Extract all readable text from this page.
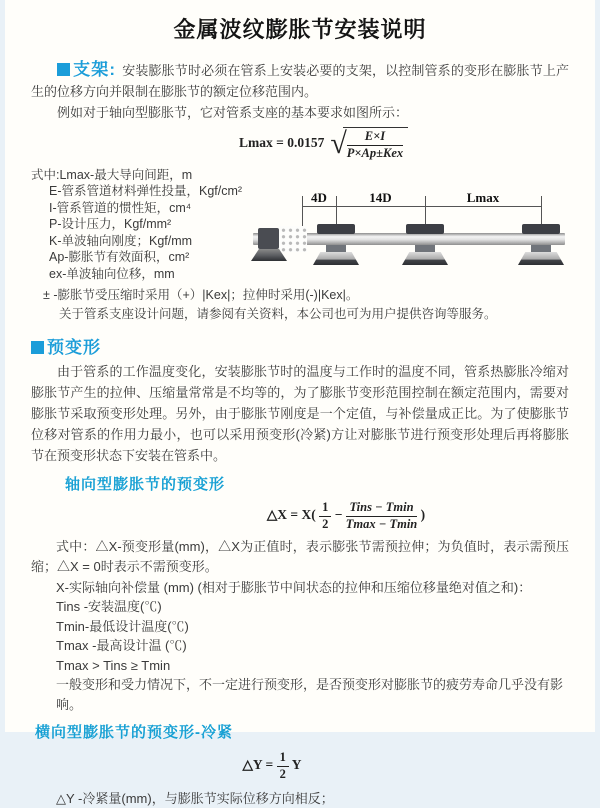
金属波纹膨胀节安装说明

支架: 安装膨胀节时必须在管系上安装必要的支架，以控制管系的变形在膨胀节上产生的位移方向并限制在膨胀节的额定位移范围内。

例如对于轴向型膨胀节，它对管系支座的基本要求如图所示：

Lmax = 0.0157 √ $\frac{E\times I}{\text{P×Ap±Kex}}$
式中:Lmax-最大导向间距，m
E-管系管道材料弹性投量，Kgf/cm²
I-管系管道的惯性矩，cm⁴
P-设计压力，Kgf/mm²
K-单波轴向刚度；Kgf/mm
Ap-膨胀节有效面积，cm²
ex-单波轴向位移，mm
± -膨胀节受压缩时采用（+）|Kex|；拉伸时采用(-)|Kex|。
关于管系支座设计问题，请参阅有关资料，本公司也可为用户提供咨询等服务。
4D	14D	Lmax
预变形

由于管系的工作温度变化，安装膨胀节时的温度与工作时的温度不同，管系热膨胀冷缩对膨胀节产生的拉伸、压缩量常常是不均等的，为了膨胀节变形范围控制在额定范围内，需要对膨胀节采取预变形处理。另外，由于膨胀节刚度是一个定值，与补偿量成正比。为了使膨胀节位移对管系的作用力最小，也可以采用预变形(冷紧)方让对膨胀节进行预变形处理后再将膨胀节在预变形状态下安装在管系中。

轴向型膨胀节的预变形
△X = $X( \frac{1}{2} - \frac{\text{Tins − Tmin}}{Tmax - Tmin}$ )

式中：△X-预变形量(mm)，△X为正值时，表示膨张节需预拉伸；为负值时，表示需预压缩；△X = 0时表示不需预变形。

X-实际轴向补偿量 (mm) (相对于膨胀节中间状态的拉伸和压缩位移量绝对值之和)：

Tins -安装温度(℃)

Tmin-最低设计温度(℃)

Tmax -最高设计温 (℃)

Tmax > Tins ≥ Tmin

一般变形和受力情况下，不一定进行预变形，是否预变形对膨胀节的疲劳寿命几乎没有影响。

横向型膨胀节的预变形-冷紧
△Y = $\frac{1}{2}$ Y

△Y -冷紧量(mm)，与膨胀节实际位移方向相反；
